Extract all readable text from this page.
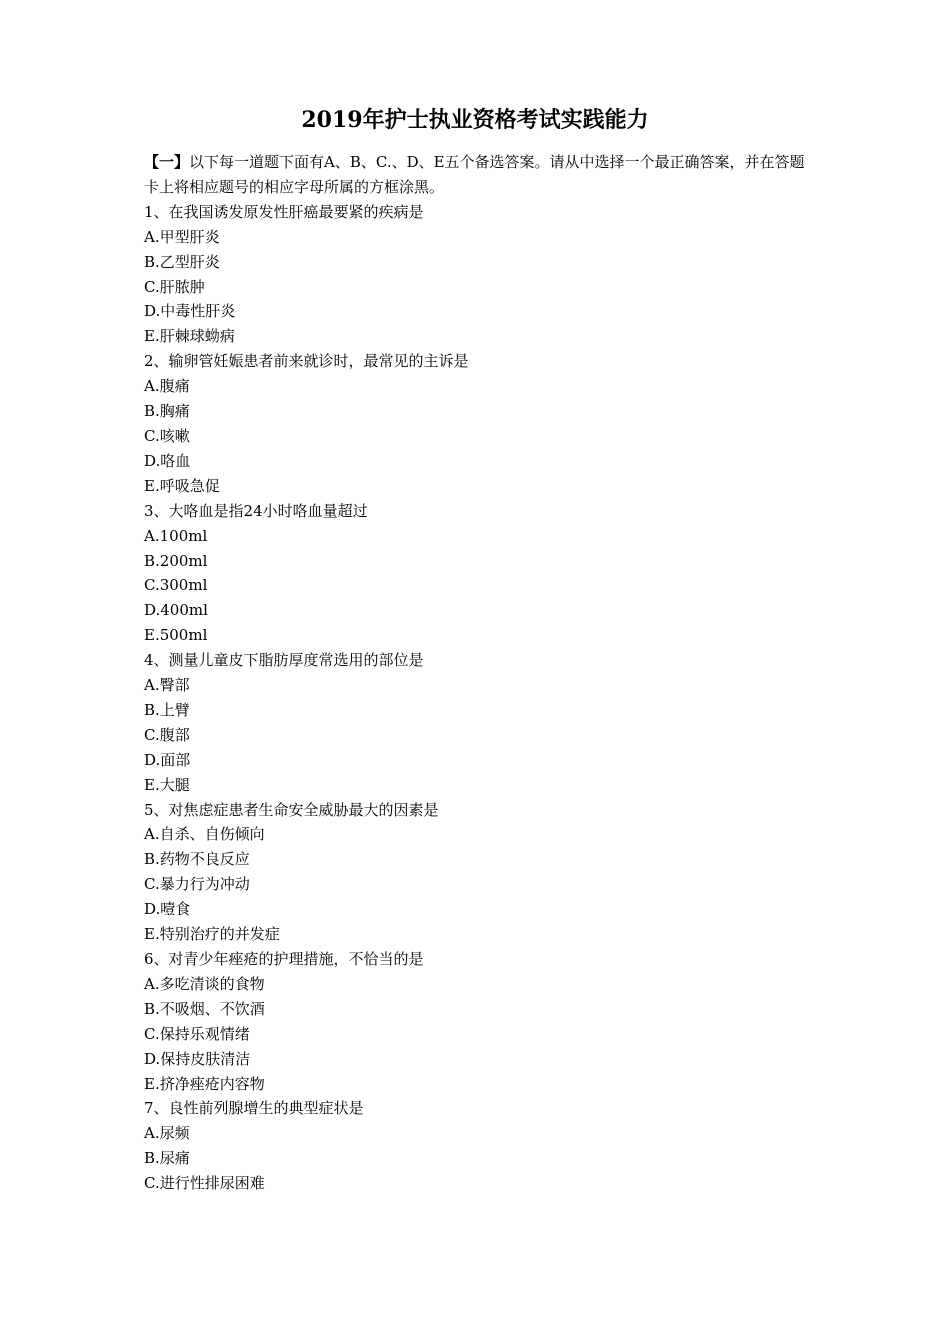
2019年护士执业资格考试实践能力

【一】以下每一道题下面有A、B、C.、D、E五个备选答案。请从中选择一个最正确答案，并在答题卡上将相应题号的相应字母所属的方框涂黑。

1、在我国诱发原发性肝癌最要紧的疾病是

A.甲型肝炎

B.乙型肝炎

C.肝脓肿

D.中毒性肝炎

E.肝棘球蚴病

2、输卵管妊娠患者前来就诊时，最常见的主诉是

A.腹痛

B.胸痛

C.咳嗽

D.咯血

E.呼吸急促

3、大咯血是指24小时咯血量超过

A.100ml

B.200ml

C.300ml

D.400ml

E.500ml

4、测量儿童皮下脂肪厚度常选用的部位是

A.臀部

B.上臂

C.腹部

D.面部

E.大腿

5、对焦虑症患者生命安全威胁最大的因素是

A.自杀、自伤倾向

B.药物不良反应

C.暴力行为冲动

D.噎食

E.特别治疗的并发症

6、对青少年痤疮的护理措施，不恰当的是

A.多吃清谈的食物

B.不吸烟、不饮酒

C.保持乐观情绪

D.保持皮肤清洁

E.挤净痤疮内容物

7、良性前列腺增生的典型症状是

A.尿频

B.尿痛

C.进行性排尿困难
